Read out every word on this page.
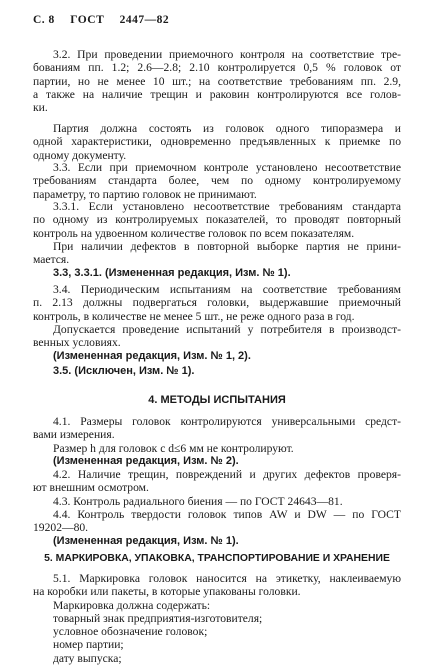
С. 8 ГОСТ 2447—82

3.2. При проведении приемочного контроля на соответствие тре-

бованиям пп. 1.2; 2.6—2.8; 2.10 контролируется 0,5 % головок от

партии, но не менее 10 шт.; на соответствие требованиям пп. 2.9,

а также на наличие трещин и раковин контролируются все голов-

ки.

Партия должна состоять из головок одного типоразмера и

одной характеристики, одновременно предъявленных к приемке по

одному документу.

3.3. Если при приемочном контроле установлено несоответствие

требованиям стандарта более, чем по одному контролируемому

параметру, то партию головок не принимают.

3.3.1. Если установлено несоответствие требованиям стандарта

по одному из контролируемых показателей, то проводят повторный

контроль на удвоенном количестве головок по всем показателям.

При наличии дефектов в повторной выборке партия не прини-

мается.

3.3, 3.3.1. (Измененная редакция, Изм. № 1).

3.4. Периодическим испытаниям на соответствие требованиям

п. 2.13 должны подвергаться головки, выдержавшие приемочный

контроль, в количестве не менее 5 шт., не реже одного раза в год.

Допускается проведение испытаний у потребителя в производст-

венных условиях.

(Измененная редакция, Изм. № 1, 2).

3.5. (Исключен, Изм. № 1).

4. МЕТОДЫ ИСПЫТАНИЯ

4.1. Размеры головок контролируются универсальными средст-

вами измерения.

Размер h для головок с d≤6 мм не контролируют.

(Измененная редакция, Изм. № 2).

4.2. Наличие трещин, повреждений и других дефектов проверя-

ют внешним осмотром.

4.3. Контроль радиального биения — по ГОСТ 24643—81.

4.4. Контроль твердости головок типов AW и DW — по ГОСТ

19202—80.

(Измененная редакция, Изм. № 1).

5. МАРКИРОВКА, УПАКОВКА, ТРАНСПОРТИРОВАНИЕ И ХРАНЕНИЕ

5.1. Маркировка головок наносится на этикетку, наклеиваемую

на коробки или пакеты, в которые упакованы головки.

Маркировка должна содержать:

товарный знак предприятия-изготовителя;

условное обозначение головок;

номер партии;

дату выпуска;
